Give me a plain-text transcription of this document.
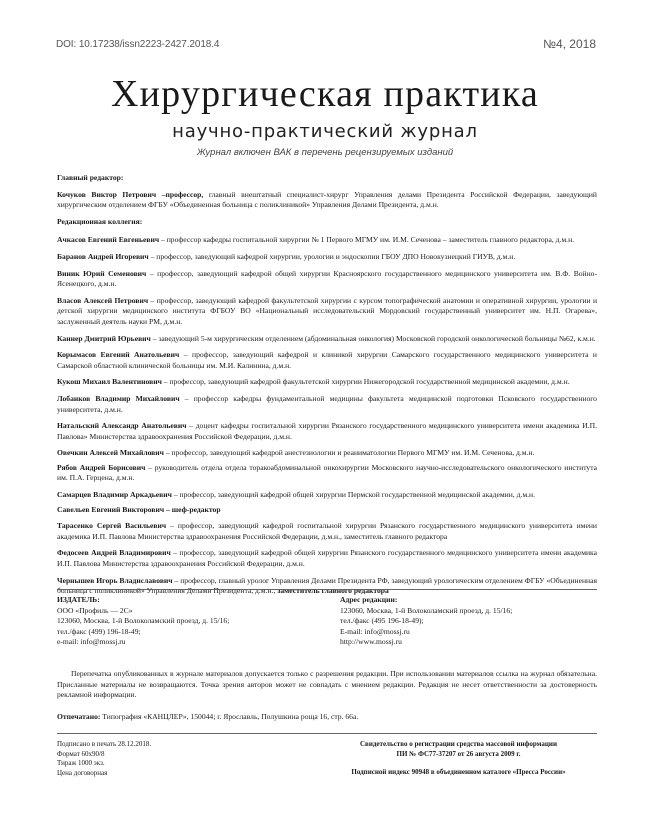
DOI: 10.17238/issn2223-2427.2018.4	№4, 2018
Хирургическая практика
научно-практический журнал
Журнал включен ВАК в перечень рецензируемых изданий
Главный редактор:
Кочуков Виктор Петрович –профессор, главный внештатный специалист-хирург Управления делами Президента Российской Федерации, заведующий хирургическим отделением ФГБУ «Объединенная больница с поликлиникой» Управления Делами Президента, д.м.н.
Редакционная коллегия:
Ачкасов Евгений Евгеньевич – профессор кафедры госпитальной хирургии № 1 Первого МГМУ им. И.М. Сеченова – заместитель главного редактора, д.м.н.
Баранов Андрей Игоревич – профессор, заведующий кафедрой хирургии, урологии и эндоскопии ГБОУ ДПО Новокузнецкий ГИУВ, д.м.н.
Виник Юрий Семенович – профессор, заведующий кафедрой общей хирургии Красноярского государственного медицинского университета им. В.Ф. Войно-Ясенецкого, д.м.н.
Власов Алексей Петрович – профессор, заведующий кафедрой факультетской хирургии с курсом топографической анатомии и оперативной хирургии, урологии и детской хирургии медицинского института ФГБОУ ВО «Национальный исследовательский Мордовский государственный университет им. Н.П. Огарева», заслуженный деятель науки РМ, д.м.н.
Каннер Дмитрий Юрьевич – заведующий 5-м хирургическим отделением (абдоминальная онкология) Московской городской онкологической больницы №62, к.м.н.
Корымасов Евгений Анатольевич – профессор, заведующий кафедрой и клиникой хирургии Самарского государственного медицинского университета и Самарской областной клинической больницы им. М.И. Калинина, д.м.н.
Кукош Михаил Валентинович – профессор, заведующий кафедрой факультетской хирургии Нижегородской государственной медицинской академии, д.м.н.
Лобанков Владимир Михайлович – профессор кафедры фундаментальной медицины факультета медицинской подготовки Псковского государственного университета, д.м.н.
Натальский Александр Анатольевич – доцент кафедры госпитальной хирургии Рязанского государственного медицинского университета имени академика И.П. Павлова» Министерства здравоохранения Российской Федерации, д.м.н.
Овечкин Алексей Михайлович – профессор, заведующий кафедрой анестезиологии и реаниматологии Первого МГМУ им. И.М. Сеченова, д.м.н.
Рябов Андрей Борисович – руководитель отдела отдела торакоабдоминальной онкохирургии Московского научно-исследовательского онкологического института им. П.А. Герцена, д.м.н.
Самарцев Владимир Аркадьевич – профессор, заведующий кафедрой общей хирургии Пермской государственной медицинской академии, д.м.н.
Савельев Евгений Викторович – шеф-редактор
Тарасенко Сергей Васильевич – профессор, заведующий кафедрой госпитальной хирургии Рязанского государственного медицинского университета имени академика И.П. Павлова Министерства здравоохранения Российской Федерации, д.м.н., заместитель главного редактора
Федосеев Андрей Владимирович – профессор, заведующий кафедрой общей хирургии Рязанского государственного медицинского университета имени академика И.П. Павлова Министерства здравоохранения Российской Федерации, д.м.н.
Чернышев Игорь Владиславович – профессор, главный уролог Управления Делами Президента РФ, заведующий урологическим отделением ФГБУ «Объединенная больница с поликлиникой» Управления Делами Президента, д.м.н., заместитель главного редактора
ИЗДАТЕЛЬ:
ООО «Профиль — 2С»
123060, Москва, 1-й Волоколамский проезд, д. 15/16;
тел./факс (499) 196-18-49;
e-mail: info@mossj.ru
Адрес редакции:
123060, Москва, 1-й Волоколамский проезд, д. 15/16;
тел./факс (495 196-18-49);
E-mail: info@mossj.ru
http://www.mossj.ru
Перепечатка опубликованных в журнале материалов допускается только с разрешения редакции. При использовании материалов ссылка на журнал обязательна. Присланные материалы не возвращаются. Точка зрения авторов может не совпадать с мнением редакции. Редакция не несет ответственности за достоверность рекламной информации.
Отпечатано: Типография «КАНЦЛЕР», 150044; г. Ярославль, Полушкина роща 16, стр. 66а.
Подписано в печать 28.12.2018.
Формат 60х90/8
Тираж 1000 экз.
Цена договорная
Свидетельство о регистрации средства массовой информации
ПИ № ФС77-37207 от 26 августа 2009 г.
Подписной индекс 90948 в объединенном каталоге «Пресса России»
